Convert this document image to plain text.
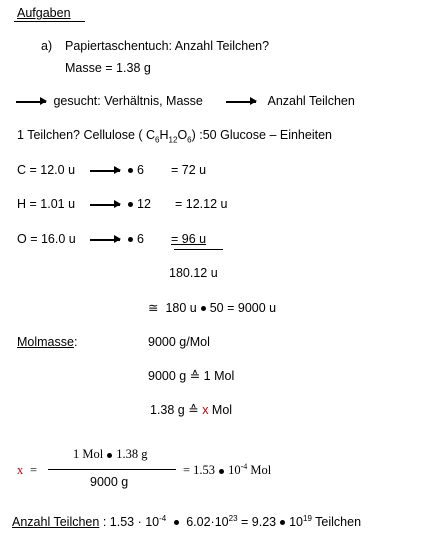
Aufgaben
a) Papiertaschentuch: Anzahl Teilchen?
Masse = 1.38 g
gesucht: Verhältnis, Masse	Anzahl Teilchen
1 Teilchen? Cellulose ( $C_6H_{12}O_6$) :50 Glucose – Einheiten
C = 12.0 u	6 = 72 u
H = 1.01 u	12 = 12.12 u
O = 16.0 u	6 = 96 u
180.12 u
≅ 180 u 50 = 9000 u
Molmasse:	9000 g/Mol
9000 g ≙ 1 Mol
1.38 g ≙ x Mol
x =
1 Mol 1.38 g
9000 g
= 1.53 $10^{-4}$ Mol
Anzahl Teilchen : $1.53 \cdot 10^{-4}$ $6.02\cdot 10^{23} = 9.23$ $10^{19}$ Teilchen
